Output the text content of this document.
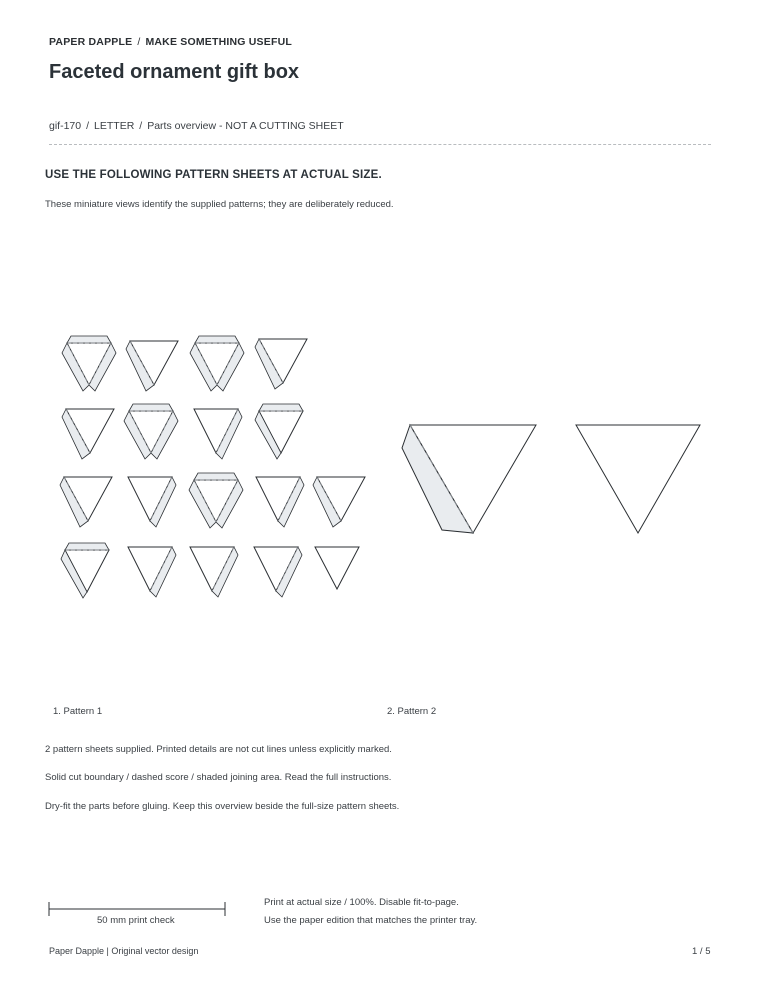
PAPER DAPPLE / MAKE SOMETHING USEFUL
Faceted ornament gift box
gif-170 / LETTER / Parts overview - NOT A CUTTING SHEET
USE THE FOLLOWING PATTERN SHEETS AT ACTUAL SIZE.
These miniature views identify the supplied patterns; they are deliberately reduced.
1. Pattern 1	2. Pattern 2
2 pattern sheets supplied. Printed details are not cut lines unless explicitly marked.
Solid cut boundary / dashed score / shaded joining area. Read the full instructions.
Dry-fit the parts before gluing. Keep this overview beside the full-size pattern sheets.
Print at actual size / 100%. Disable fit-to-page.
Use the paper edition that matches the printer tray.
50 mm print check
Paper Dapple | Original vector design	1 / 5
